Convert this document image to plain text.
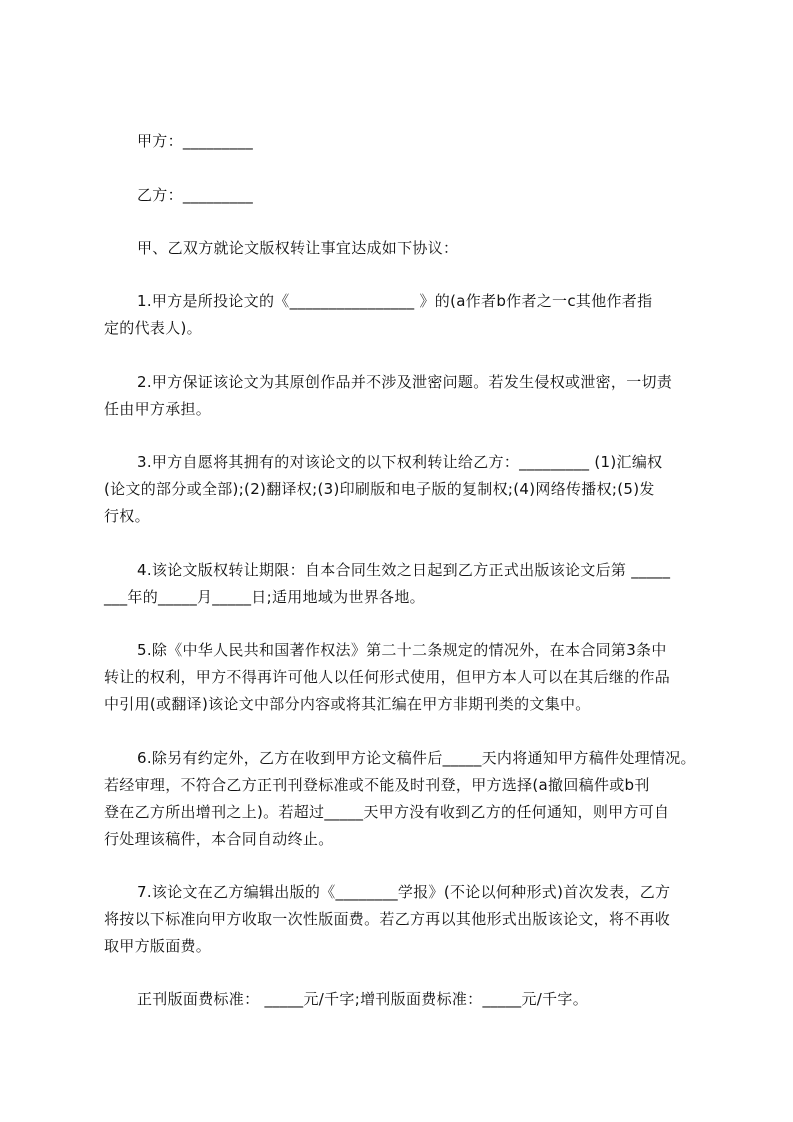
甲方：_________
乙方：_________
甲、乙双方就论文版权转让事宜达成如下协议：
1.甲方是所投论文的《________________ 》的(a作者b作者之一c其他作者指
定的代表人)。
2.甲方保证该论文为其原创作品并不涉及泄密问题。若发生侵权或泄密，一切责
任由甲方承担。
3.甲方自愿将其拥有的对该论文的以下权利转让给乙方：_________ (1)汇编权
(论文的部分或全部);(2)翻译权;(3)印刷版和电子版的复制权;(4)网络传播权;(5)发
行权。
4.该论文版权转让期限：自本合同生效之日起到乙方正式出版该论文后第 _____
___年的_____月_____日;适用地域为世界各地。
5.除《中华人民共和国著作权法》第二十二条规定的情况外，在本合同第3条中
转让的权利，甲方不得再许可他人以任何形式使用，但甲方本人可以在其后继的作品
中引用(或翻译)该论文中部分内容或将其汇编在甲方非期刊类的文集中。
6.除另有约定外，乙方在收到甲方论文稿件后_____天内将通知甲方稿件处理情况。
若经审理，不符合乙方正刊刊登标准或不能及时刊登，甲方选择(a撤回稿件或b刊
登在乙方所出增刊之上)。若超过_____天甲方没有收到乙方的任何通知，则甲方可自
行处理该稿件，本合同自动终止。
7.该论文在乙方编辑出版的《________学报》(不论以何种形式)首次发表，乙方
将按以下标准向甲方收取一次性版面费。若乙方再以其他形式出版该论文，将不再收
取甲方版面费。
正刊版面费标准： _____元/千字;增刊版面费标准：_____元/千字。
